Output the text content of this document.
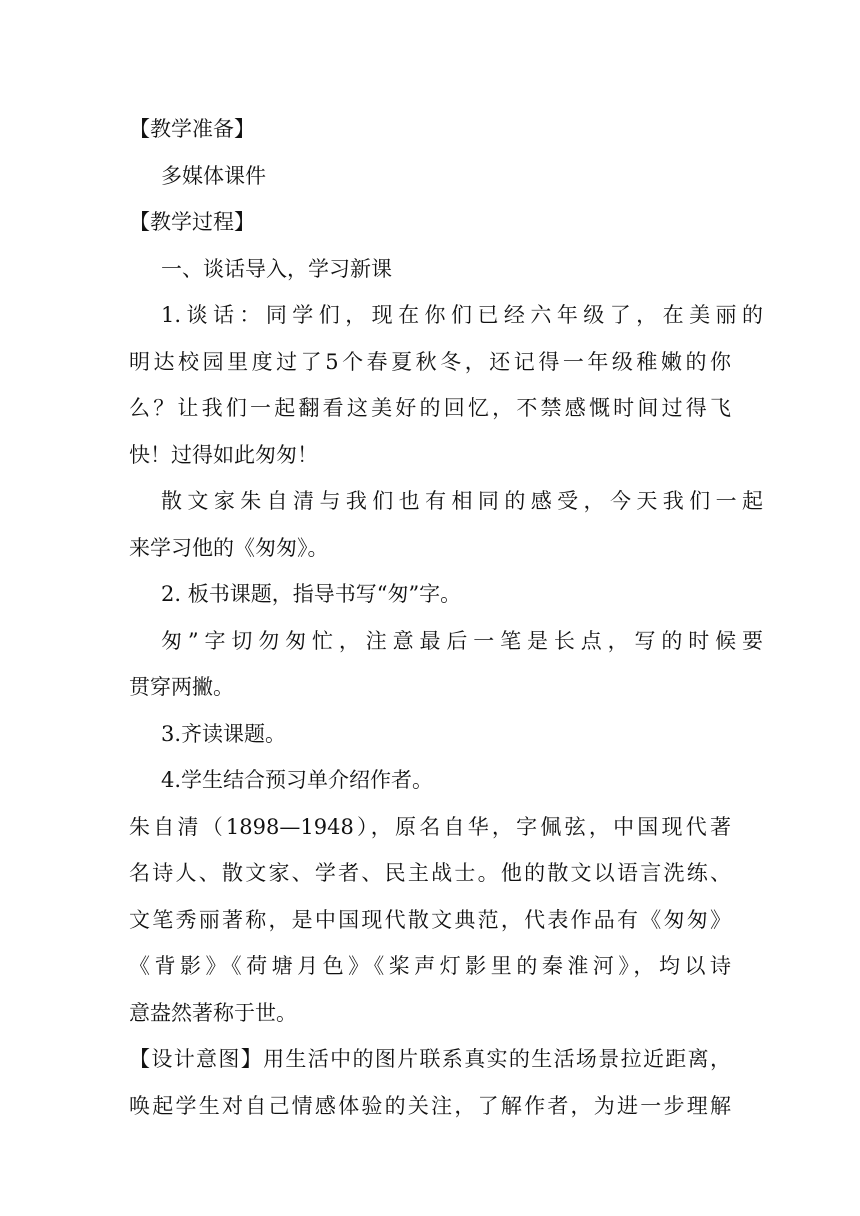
【教学准备】
多媒体课件
【教学过程】
一、谈话导入，学习新课
1.谈话：同学们，现在你们已经六年级了，在美丽的
明达校园里度过了5个春夏秋冬，还记得一年级稚嫩的你
么？让我们一起翻看这美好的回忆，不禁感慨时间过得飞
快！过得如此匆匆！
散文家朱自清与我们也有相同的感受，今天我们一起
来学习他的《匆匆》。
2. 板书课题，指导书写“匆”字。
匆”字切勿匆忙，注意最后一笔是长点，写的时候要
贯穿两撇。
3.齐读课题。
4.学生结合预习单介绍作者。
朱自清（1898—1948），原名自华，字佩弦，中国现代著
名诗人、散文家、学者、民主战士。他的散文以语言洗练、
文笔秀丽著称，是中国现代散文典范，代表作品有《匆匆》
《背影》《荷塘月色》《桨声灯影里的秦淮河》，均以诗
意盎然著称于世。
【设计意图】用生活中的图片联系真实的生活场景拉近距离，
唤起学生对自己情感体验的关注，了解作者，为进一步理解
